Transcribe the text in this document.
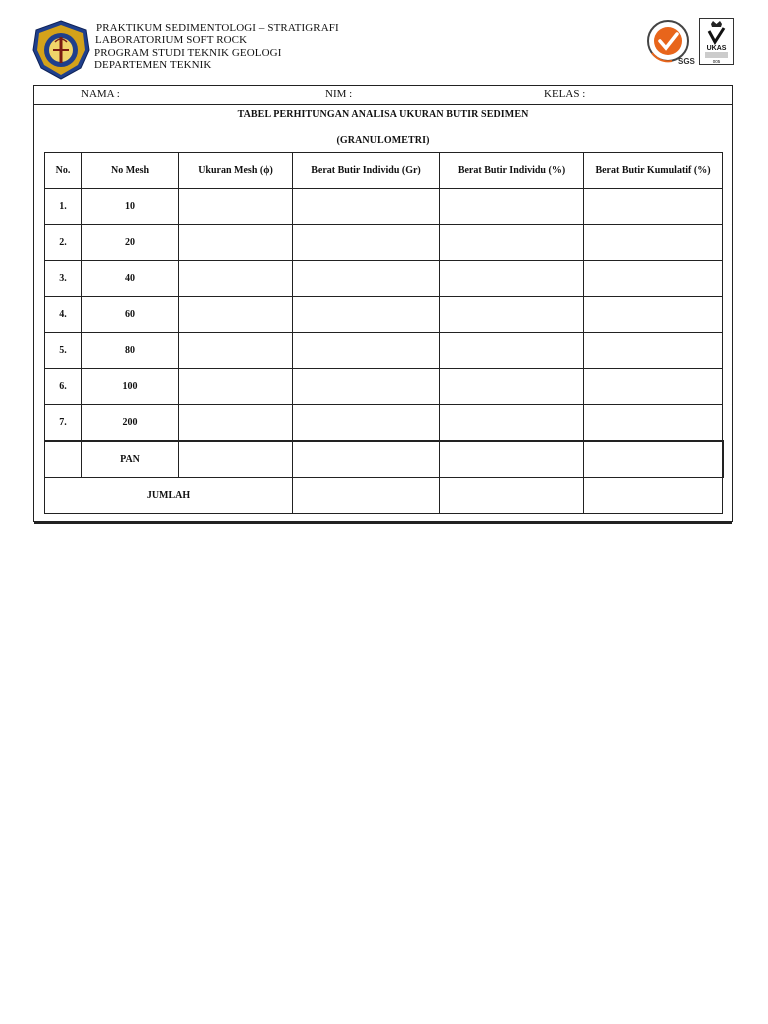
PRAKTIKUM SEDIMENTOLOGI – STRATIGRAFI
LABORATORIUM SOFT ROCK
PROGRAM STUDI TEKNIK GEOLOGI
DEPARTEMEN TEKNIK	SGS
UKAS
005
NAMA :	NIM :	KELAS :
TABEL PERHITUNGAN ANALISA UKURAN BUTIR SEDIMEN
(GRANULOMETRI)
No.	No Mesh	Ukuran Mesh (ϕ)	Berat Butir Individu (Gr)	Berat Butir Individu (%)	Berat Butir Kumulatif (%)
1.	10				
2.	20				
3.	40				
4.	60				
5.	80				
6.	100				
7.	200				
	PAN				
JUMLAH					
